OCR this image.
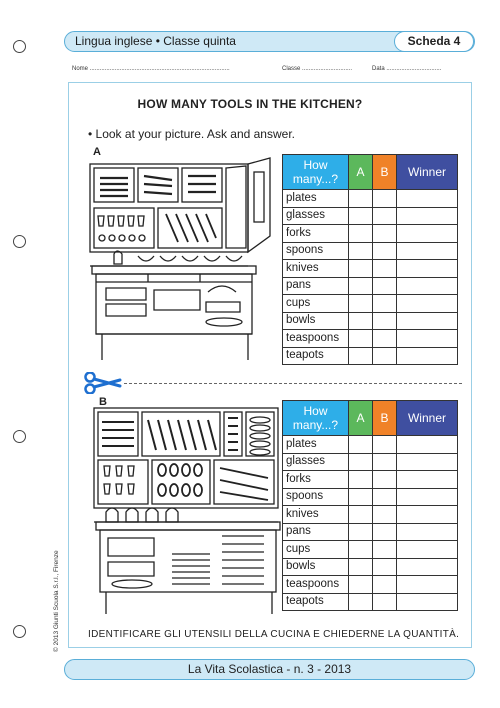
Lingua inglese • Classe quinta	Scheda 4
Nome ....................................................................................	Classe ..............................	Data .................................
HOW MANY TOOLS IN THE KITCHEN?
• Look at your picture. Ask and answer.
A
How many...?	A	B	Winner
plates			
glasses			
forks			
spoons			
knives			
pans			
cups			
bowls			
teaspoons			
teapots			
B
How many...?	A	B	Winner
plates			
glasses			
forks			
spoons			
knives			
pans			
cups			
bowls			
teaspoons			
teapots			
IDENTIFICARE GLI UTENSILI DELLA CUCINA E CHIEDERNE LA QUANTITÀ.
© 2013 Giunti Scuola S.r.l., Firenze
La Vita Scolastica - n. 3 - 2013
